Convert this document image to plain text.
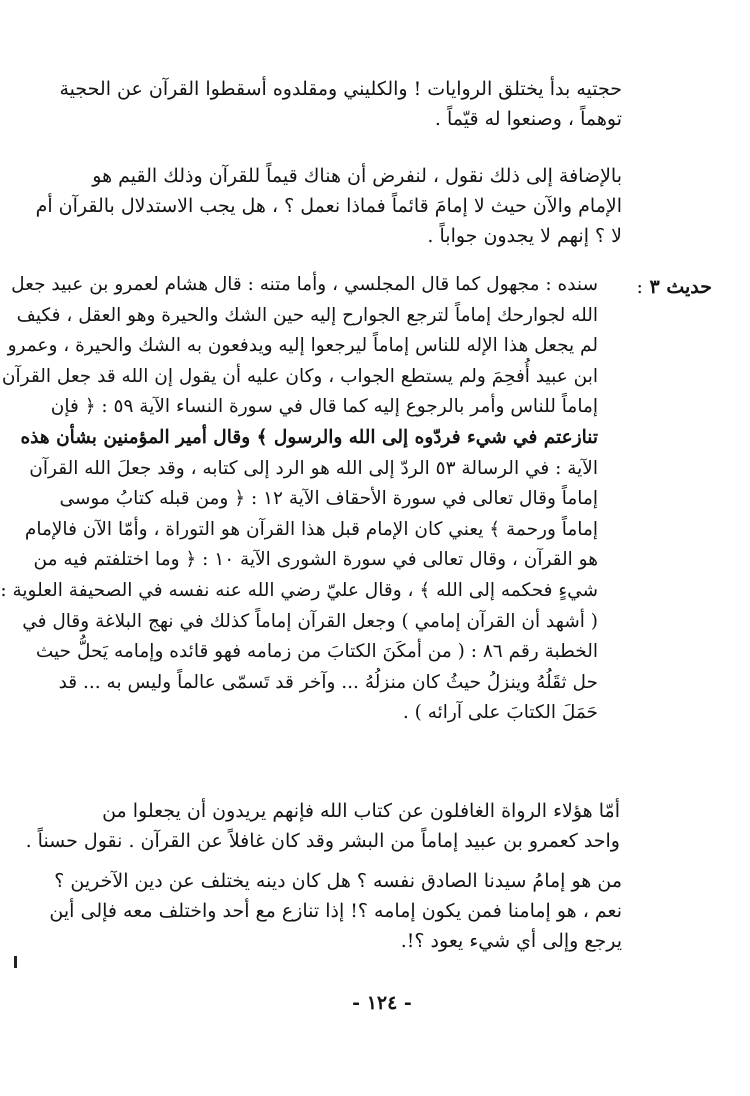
حجتيه بدأ يختلق الروايات ! والكليني ومقلدوه أسقطوا القرآن عن الحجية
توهماً ، وصنعوا له قيّماً .
بالإضافة إلى ذلك نقول ، لنفرض أن هناك قيماً للقرآن وذلك القيم هو
الإمام والآن حيث لا إمامَ قائماً فماذا نعمل ؟ ، هل يجب الاستدلال بالقرآن أم
لا ؟ إنهم لا يجدون جواباً .
حديث ٣ :
سنده : مجهول كما قال المجلسي ، وأما متنه : قال هشام لعمرو بن عبيد جعل
الله لجوارحك إماماً لترجع الجوارح إليه حين الشك والحيرة وهو العقل ، فكيف
لم يجعل هذا الإله للناس إماماً ليرجعوا إليه ويدفعون به الشك والحيرة ، وعمرو
ابن عبيد أُفحِمَ ولم يستطع الجواب ، وكان عليه أن يقول إن الله قد جعل القرآن
إماماً للناس وأمر بالرجوع إليه كما قال في سورة النساء الآية ٥٩ : ﴿ فإن
تنازعتم في شيء فردّوه إلى الله والرسول ﴾ وقال أمير المؤمنين بشأن هذه
الآية : في الرسالة ٥٣ الردّ إلى الله هو الرد إلى كتابه ، وقد جعلَ الله القرآن
إماماً وقال تعالى في سورة الأحقاف الآية ١٢ : ﴿ ومن قبله كتابُ موسى
إماماً ورحمة ﴾ يعني كان الإمام قبل هذا القرآن هو التوراة ، وأمّا الآن فالإمام
هو القرآن ، وقال تعالى في سورة الشورى الآية ١٠ : ﴿ وما اختلفتم فيه من
شيءٍ فحكمه إلى الله ﴾ ، وقال عليّ رضي الله عنه نفسه في الصحيفة العلوية :
( أشهد أن القرآن إمامي ) وجعل القرآن إماماً كذلك في نهج البلاغة وقال في
الخطبة رقم ٨٦ : ( من أمكَنَ الكتابَ من زمامه فهو قائده وإمامه يَحلُّ حيث
حل ثقَلُهُ وينزلُ حيثُ كان منزلُهُ ... وآخر قد تَسمّى عالماً وليس به ... قد
حَمَلَ الكتابَ على آرائه ) .
أمّا هؤلاء الرواة الغافلون عن كتاب الله فإنهم يريدون أن يجعلوا من
واحد كعمرو بن عبيد إماماً من البشر وقد كان غافلاً عن القرآن . نقول حسناً .
من هو إمامُ سيدنا الصادق نفسه ؟ هل كان دينه يختلف عن دين الآخرين ؟
نعم ، هو إمامنا فمن يكون إمامه ؟! إذا تنازع مع أحد واختلف معه فإلى أين
يرجع وإلى أي شيء يعود ؟!.
- ١٢٤ -
